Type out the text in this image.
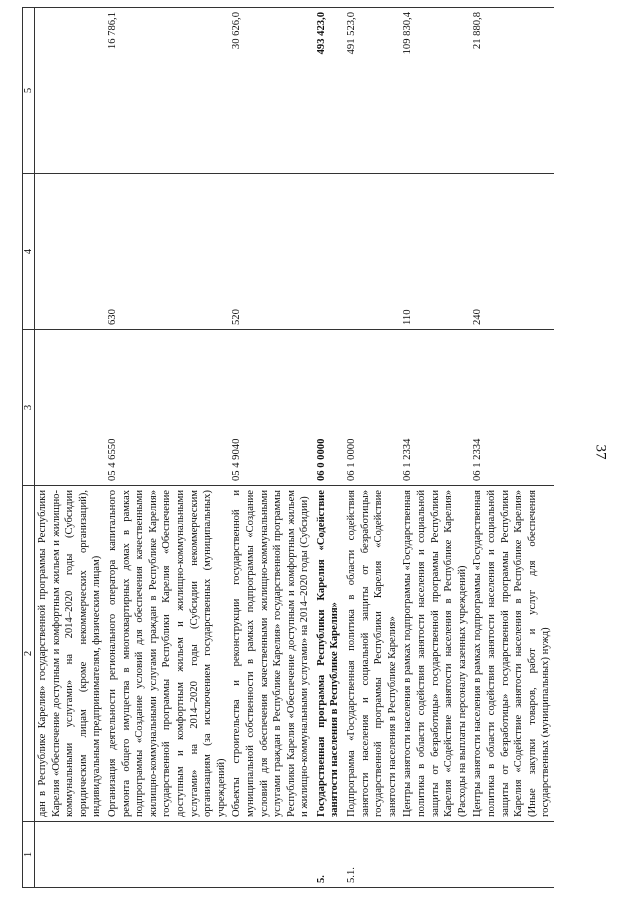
37
1	2	3	4	5
	дан в Республике Карелия» государственной программы Республики Карелия «Обеспечение доступным и комфортным жильем и жилищно-коммунальными услугами» на 2014–2020 годы (Субсидии юридическим лицам (кроме некоммерческих организаций), индивидуальным предпринимателям, физическим лицам)			
	Организация деятельности регионального оператора капитального ремонта общего имущества в многоквартирных домах в рамках подпрограммы «Создание условий для обеспечения качественными жилищно-коммунальными услугами граждан в Республике Карелия» государственной программы Республики Карелия «Обеспечение доступным и комфортным жильем и жилищно-коммунальными услугами» на 2014–2020 годы (Субсидии некоммерческим организациям (за исключением государственных (муниципальных) учреждений)	05 4 6550	630	16 786,1
	Объекты строительства и реконструкции государственной и муниципальной собственности в рамках подпрограммы «Создание условий для обеспечения качественными жилищно-коммунальными услугами граждан в Республике Карелия» государственной программы Республики Карелия «Обеспечение доступным и комфортным жильем и жилищно-коммунальными услугами» на 2014–2020 годы (Субсидии)	05 4 9040	520	30 626,0
5.	Государственная программа Республики Карелия «Содействие занятости населения в Республике Карелия»	06 0 0000		493 423,0
5.1.	Подпрограмма «Государственная политика в области содействия занятости населения и социальной защиты от безработицы» государственной программы Республики Карелия «Содействие занятости населения в Республике Карелия»	06 1 0000		491 523,0
	Центры занятости населения в рамках подпрограммы «Государственная политика в области содействия занятости населения и социальной защиты от безработицы» государственной программы Республики Карелия «Содействие занятости населения в Республике Карелия» (Расходы на выплаты персоналу казенных учреждений)	06 1 2334	110	109 830,4
	Центры занятости населения в рамках подпрограммы «Государственная политика в области содействия занятости населения и социальной защиты от безработицы» государственной программы Республики Карелия «Содействие занятости населения в Республике Карелия» (Иные закупки товаров, работ и услуг для обеспечения государственных (муниципальных) нужд)	06 1 2334	240	21 880,8
